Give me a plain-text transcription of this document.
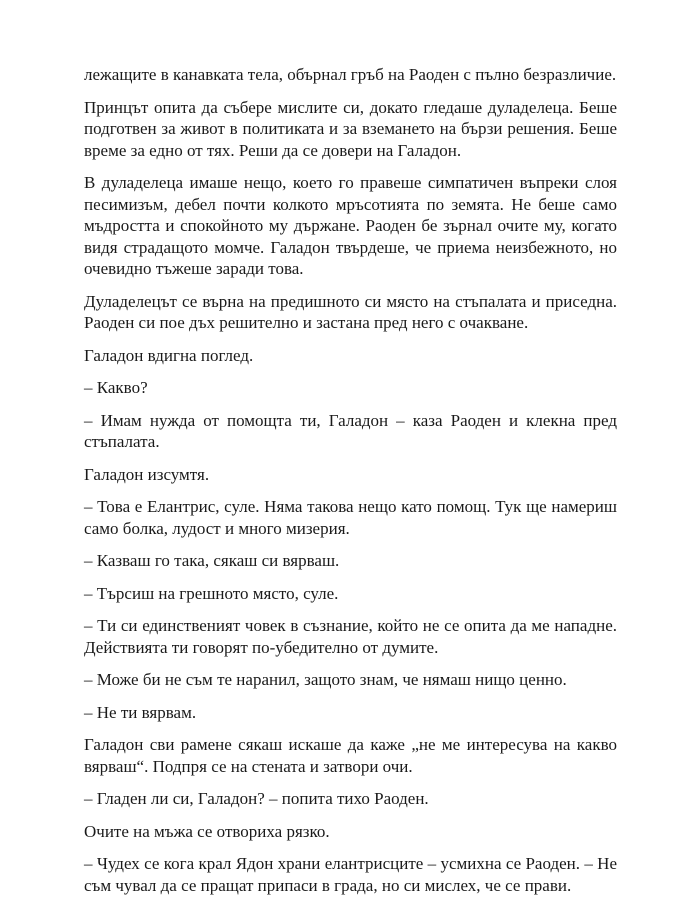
лежащите в канавката тела, обърнал гръб на Раоден с пълно безразличие.

Принцът опита да събере мислите си, докато гледаше дуладелеца. Беше подготвен за живот в политиката и за вземането на бързи решения. Беше време за едно от тях. Реши да се довери на Галадон.

В дуладелеца имаше нещо, което го правеше симпатичен въпреки слоя песимизъм, дебел почти колкото мръсотията по земята. Не беше само мъдростта и спокойното му държане. Раоден бе зърнал очите му, когато видя страдащото момче. Галадон твърдеше, че приема неизбежното, но очевидно тъжеше заради това.

Дуладелецът се върна на предишното си място на стъпалата и приседна. Раоден си пое дъх решително и застана пред него с очакване.

Галадон вдигна поглед.

– Какво?

– Имам нужда от помощта ти, Галадон – каза Раоден и клекна пред стъпалата.

Галадон изсумтя.

– Това е Елантрис, суле. Няма такова нещо като помощ. Тук ще намериш само болка, лудост и много мизерия.

– Казваш го така, сякаш си вярваш.

– Търсиш на грешното място, суле.

– Ти си единственият човек в съзнание, който не се опита да ме нападне. Действията ти говорят по-убедително от думите.

– Може би не съм те наранил, защото знам, че нямаш нищо ценно.

– Не ти вярвам.

Галадон сви рамене сякаш искаше да каже „не ме интересува на какво вярваш“. Подпря се на стената и затвори очи.

– Гладен ли си, Галадон? – попита тихо Раоден.

Очите на мъжа се отвориха рязко.

– Чудех се кога крал Ядон храни елантрисците – усмихна се Раоден. – Не съм чувал да се пращат припаси в града, но си мислех, че се прави.
